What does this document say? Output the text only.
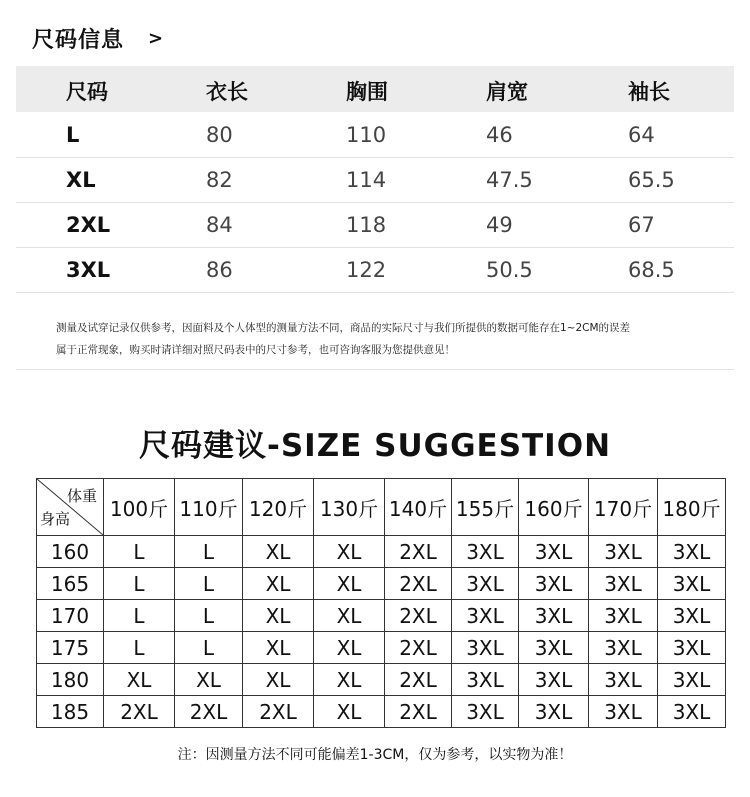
尺码信息 >
尺码	衣长	胸围	肩宽	袖长
L	80	110	46	64
XL	82	114	47.5	65.5
2XL	84	118	49	67
3XL	86	122	50.5	68.5
测量及试穿记录仅供参考，因面料及个人体型的测量方法不同，商品的实际尺寸与我们所提供的数据可能存在1~2CM的误差
属于正常现象，购买时请详细对照尺码表中的尺寸参考，也可咨询客服为您提供意见！
尺码建议-SIZE SUGGESTION
体重
身高	100斤	110斤	120斤	130斤	140斤	155斤	160斤	170斤	180斤
160	L	L	XL	XL	2XL	3XL	3XL	3XL	3XL
165	L	L	XL	XL	2XL	3XL	3XL	3XL	3XL
170	L	L	XL	XL	2XL	3XL	3XL	3XL	3XL
175	L	L	XL	XL	2XL	3XL	3XL	3XL	3XL
180	XL	XL	XL	XL	2XL	3XL	3XL	3XL	3XL
185	2XL	2XL	2XL	XL	2XL	3XL	3XL	3XL	3XL
注：因测量方法不同可能偏差1-3CM，仅为参考，以实物为准！
